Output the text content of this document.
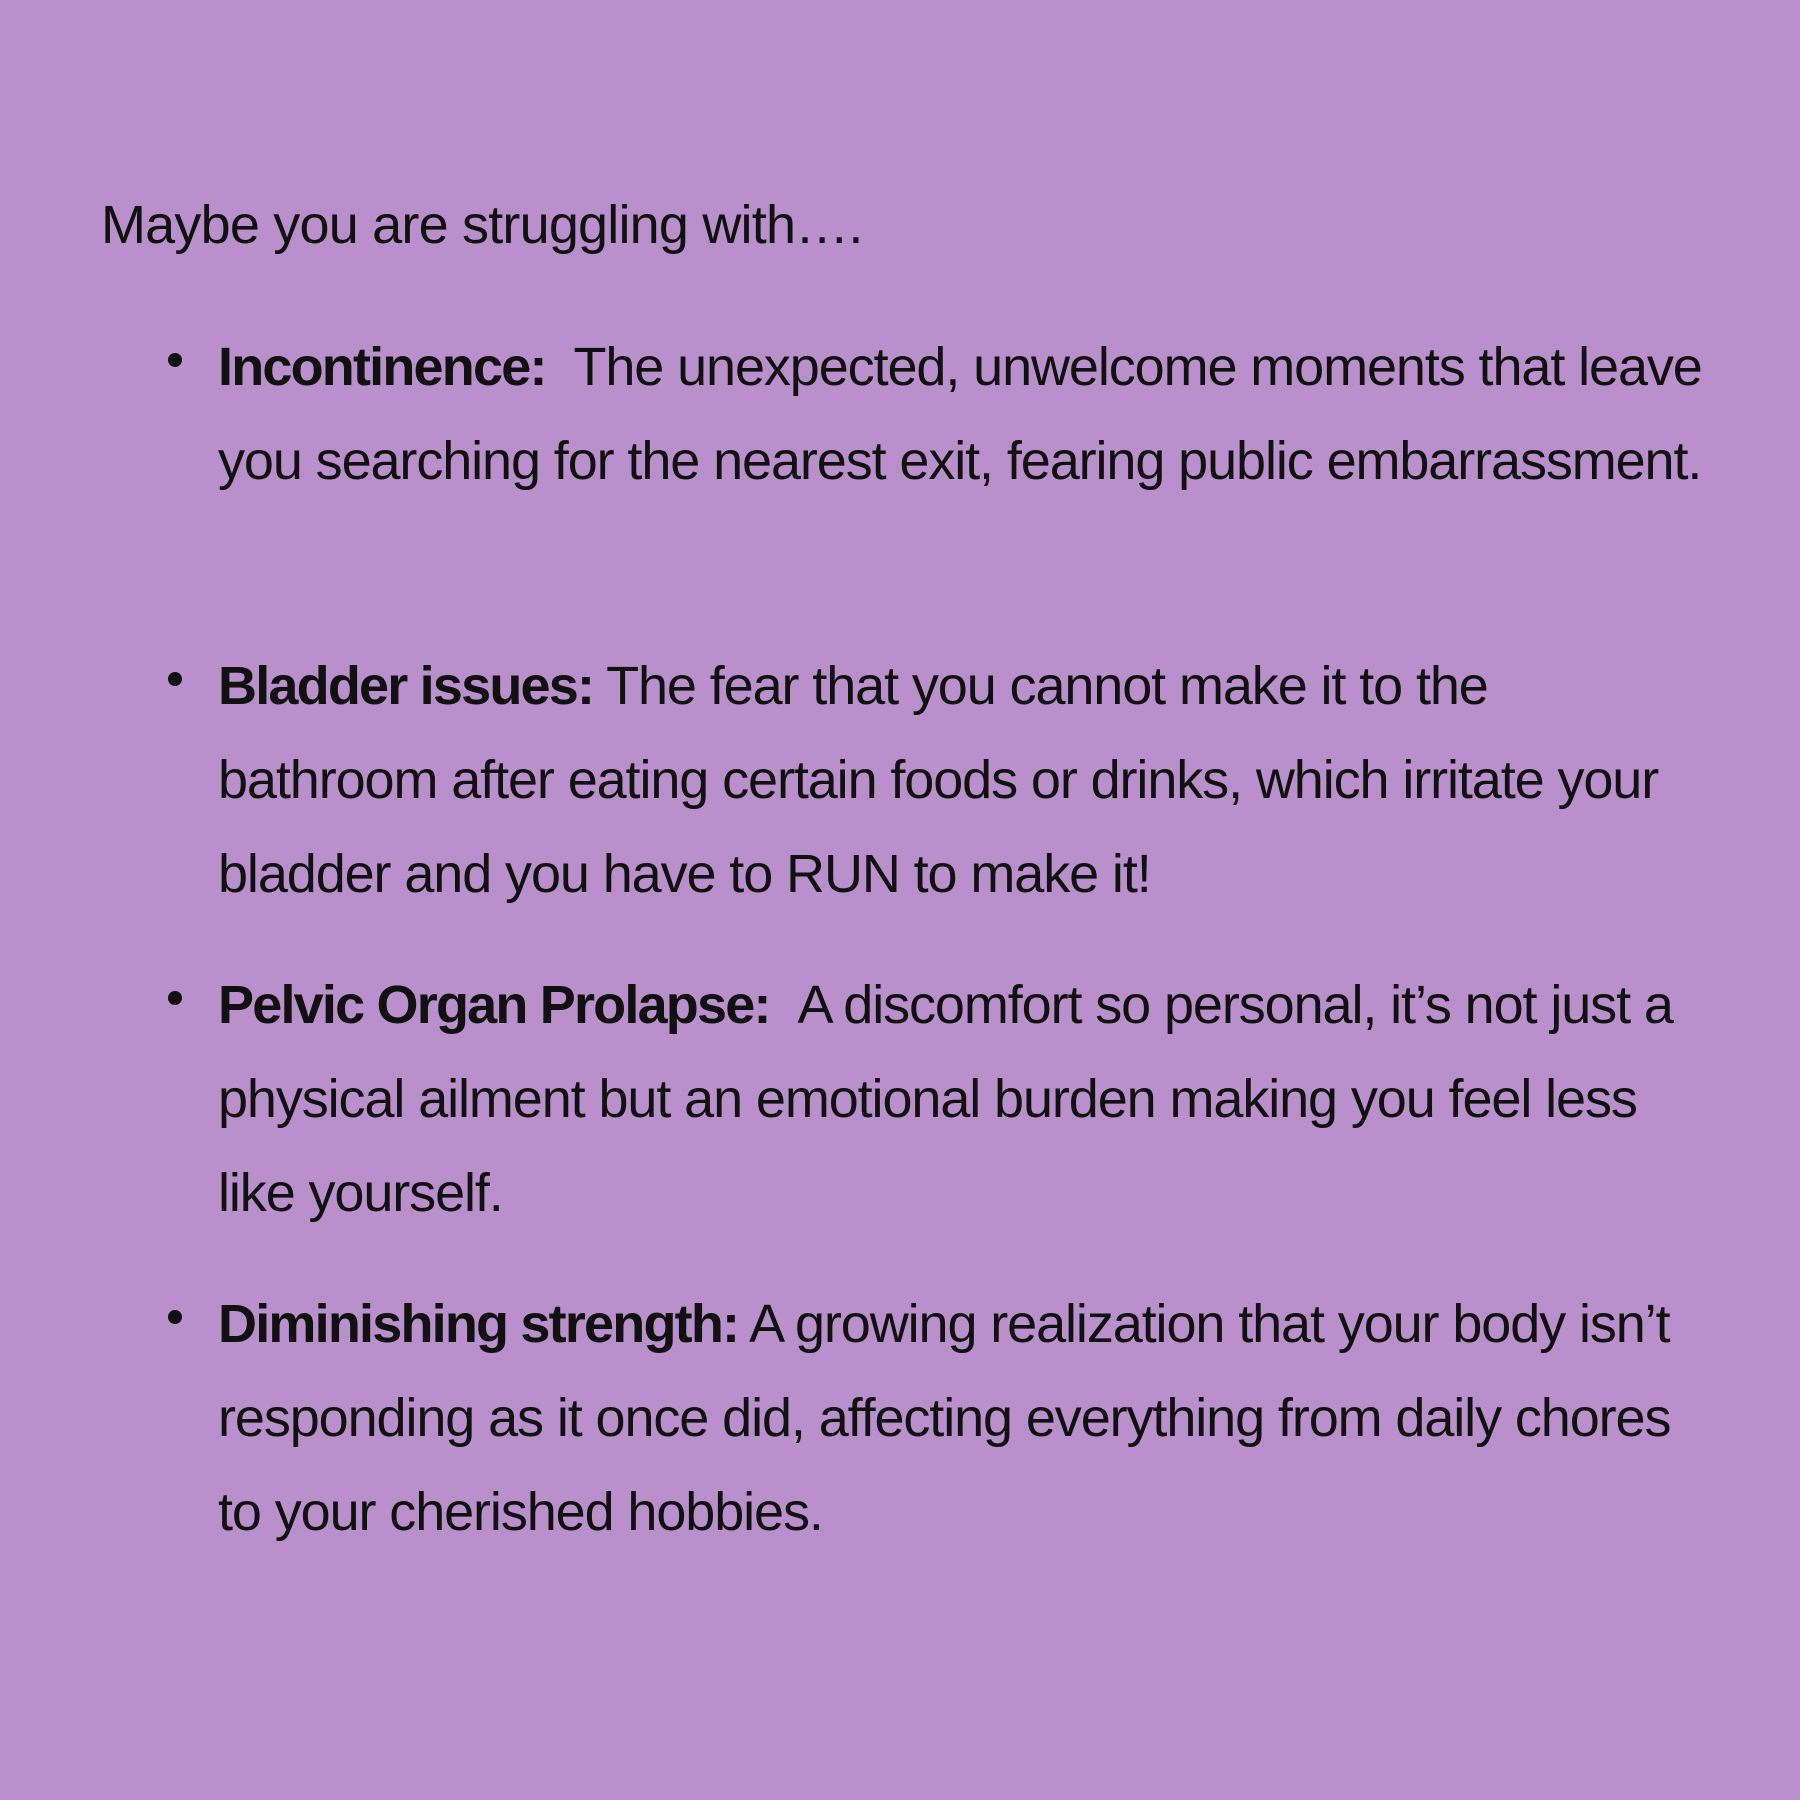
Maybe you are struggling with….

Incontinence: The unexpected, unwelcome moments that leave you searching for the nearest exit, fearing public embarrassment.

Bladder issues: The fear that you cannot make it to the bathroom after eating certain foods or drinks, which irritate your bladder and you have to RUN to make it!

Pelvic Organ Prolapse: A discomfort so personal, it’s not just a physical ailment but an emotional burden making you feel less like yourself.

Diminishing strength: A growing realization that your body isn’t responding as it once did, affecting everything from daily chores to your cherished hobbies.
